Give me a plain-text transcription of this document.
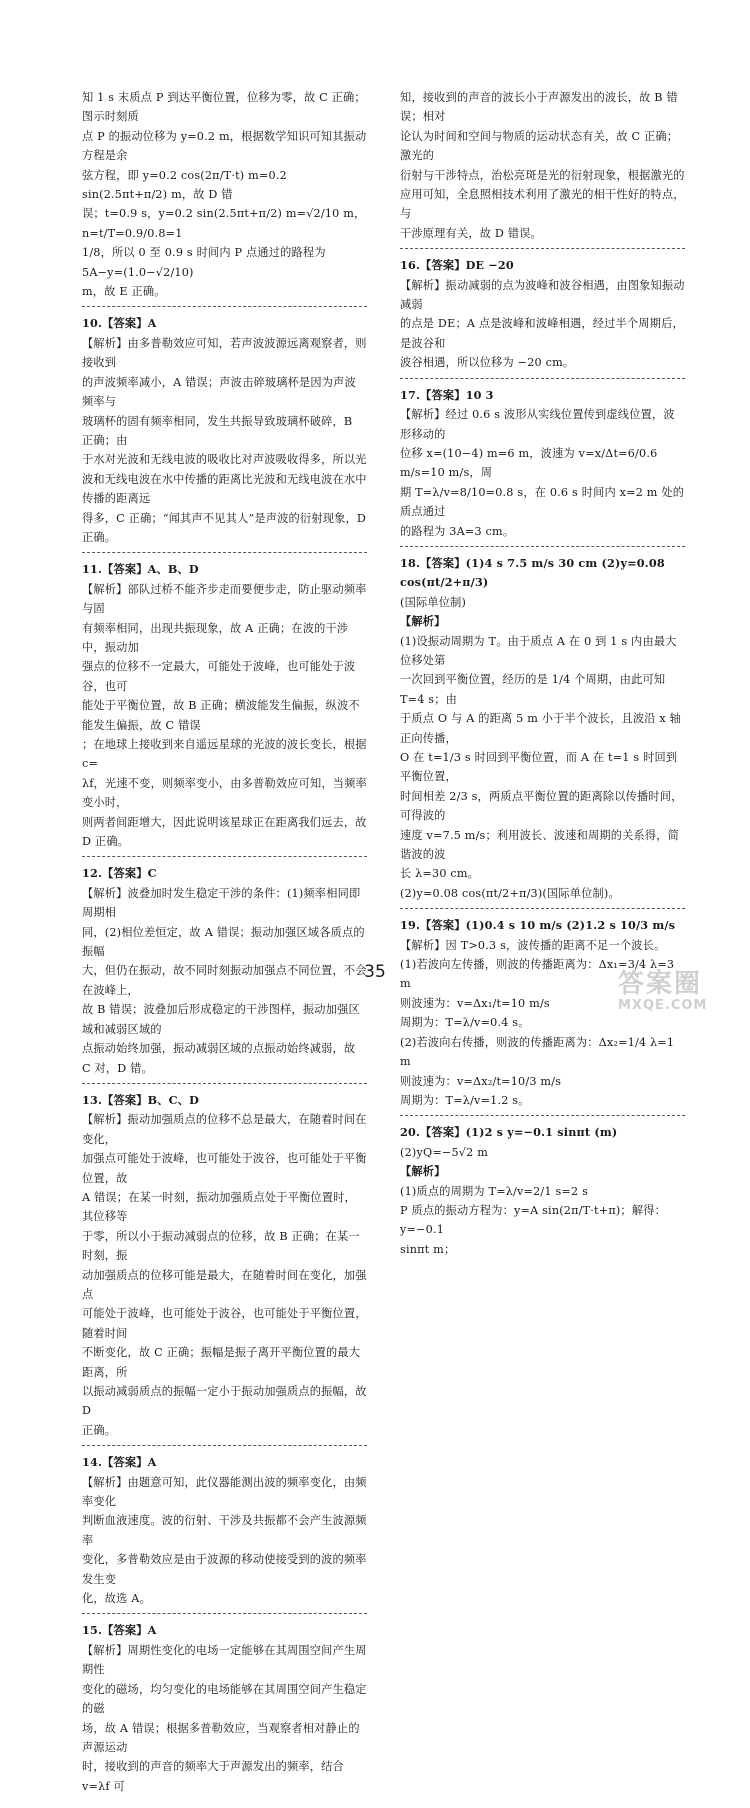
知 1 s 末质点 P 到达平衡位置，位移为零，故 C 正确；图示时刻质

点 P 的振动位移为 y=0.2 m，根据数学知识可知其振动方程是余

弦方程，即 y=0.2 cos(2π/T·t) m=0.2 sin(2.5πt+π/2) m，故 D 错

误；t=0.9 s，y=0.2 sin(2.5πt+π/2) m=√2/10 m，n=t/T=0.9/0.8=1

1/8，所以 0 至 0.9 s 时间内 P 点通过的路程为 5A−y=(1.0−√2/10)

m，故 E 正确。

10.【答案】A

【解析】由多普勒效应可知，若声波波源远离观察者，则接收到

的声波频率减小，A 错误；声波击碎玻璃杯是因为声波频率与

玻璃杯的固有频率相同，发生共振导致玻璃杯破碎，B 正确；由

于水对光波和无线电波的吸收比对声波吸收得多，所以光波和无线电波在水中传播的距离比光波和无线电波在水中传播的距离远

得多，C 正确；“闻其声不见其人”是声波的衍射现象，D 正确。

11.【答案】A、B、D

【解析】部队过桥不能齐步走而要便步走，防止驱动频率与固

有频率相同，出现共振现象，故 A 正确；在波的干涉中，振动加

强点的位移不一定最大，可能处于波峰，也可能处于波谷，也可

能处于平衡位置，故 B 正确；横波能发生偏振，纵波不能发生偏振，故 C 错误

；在地球上接收到来自遥远星球的光波的波长变长，根据 c=

λf，光速不变，则频率变小，由多普勒效应可知，当频率变小时，

则两者间距增大，因此说明该星球正在距离我们远去，故 D 正确。

12.【答案】C

【解析】波叠加时发生稳定干涉的条件：(1)频率相同即周期相

同，(2)相位差恒定，故 A 错误；振动加强区域各质点的振幅

大，但仍在振动，故不同时刻振动加强点不同位置，不会在波峰上，

故 B 错误；波叠加后形成稳定的干涉图样，振动加强区域和减弱区域的

点振动始终加强，振动减弱区域的点振动始终减弱，故 C 对，D 错。

13.【答案】B、C、D

【解析】振动加强质点的位移不总是最大，在随着时间在变化，

加强点可能处于波峰，也可能处于波谷，也可能处于平衡位置，故

A 错误；在某一时刻，振动加强质点处于平衡位置时，其位移等

于零，所以小于振动减弱点的位移，故 B 正确；在某一时刻，振

动加强质点的位移可能是最大，在随着时间在变化，加强点

可能处于波峰，也可能处于波谷，也可能处于平衡位置，随着时间

不断变化，故 C 正确；振幅是振子离开平衡位置的最大距离，所

以振动减弱质点的振幅一定小于振动加强质点的振幅，故 D

正确。

14.【答案】A

【解析】由题意可知，此仪器能测出波的频率变化，由频率变化

判断血液速度。波的衍射、干涉及共振都不会产生波源频率

变化，多普勒效应是由于波源的移动使接受到的波的频率发生变

化，故选 A。

15.【答案】A

【解析】周期性变化的电场一定能够在其周围空间产生周期性

变化的磁场，均匀变化的电场能够在其周围空间产生稳定的磁

场，故 A 错误；根据多普勒效应，当观察者相对静止的声源运动

时，接收到的声音的频率大于声源发出的频率，结合 v=λf 可

知，接收到的声音的波长小于声源发出的波长，故 B 错误；相对

论认为时间和空间与物质的运动状态有关，故 C 正确；激光的

衍射与干涉特点，治松亮斑是光的衍射现象，根据激光的

应用可知，全息照相技术利用了激光的相干性好的特点，与

干涉原理有关，故 D 错误。

16.【答案】DE −20

【解析】振动减弱的点为波峰和波谷相遇，由图象知振动减弱

的点是 DE；A 点是波峰和波峰相遇，经过半个周期后，是波谷和

波谷相遇，所以位移为 −20 cm。

17.【答案】10 3

【解析】经过 0.6 s 波形从实线位置传到虚线位置，波形移动的

位移 x=(10−4) m=6 m，波速为 v=x/Δt=6/0.6 m/s=10 m/s，周

期 T=λ/v=8/10=0.8 s，在 0.6 s 时间内 x=2 m 处的质点通过

的路程为 3A=3 cm。

18.【答案】(1)4 s 7.5 m/s 30 cm (2)y=0.08 cos(πt/2+π/3)

(国际单位制)

【解析】

(1)设振动周期为 T。由于质点 A 在 0 到 1 s 内由最大位移处第

一次回到平衡位置，经历的是 1/4 个周期，由此可知 T=4 s；由

于质点 O 与 A 的距离 5 m 小于半个波长，且波沿 x 轴正向传播，

O 在 t=1/3 s 时回到平衡位置，而 A 在 t=1 s 时回到平衡位置，

时间相差 2/3 s，两质点平衡位置的距离除以传播时间，可得波的

速度 v=7.5 m/s；利用波长、波速和周期的关系得，简谐波的波

长 λ=30 cm。

(2)y=0.08 cos(πt/2+π/3)(国际单位制)。

19.【答案】(1)0.4 s 10 m/s (2)1.2 s 10/3 m/s

【解析】因 T>0.3 s，波传播的距离不足一个波长。

(1)若波向左传播，则波的传播距离为：Δx₁=3/4 λ=3 m

则波速为：v=Δx₁/t=10 m/s

周期为：T=λ/v=0.4 s。

(2)若波向右传播，则波的传播距离为：Δx₂=1/4 λ=1 m

则波速为：v=Δx₂/t=10/3 m/s

周期为：T=λ/v=1.2 s。

20.【答案】(1)2 s y=−0.1 sinπt (m)

(2)yQ=−5√2 m

【解析】

(1)质点的周期为 T=λ/v=2/1 s=2 s

P 质点的振动方程为：y=A sin(2π/T·t+π)；解得：y=−0.1

sinπt m；

35	答案圈
MXQE.COM
